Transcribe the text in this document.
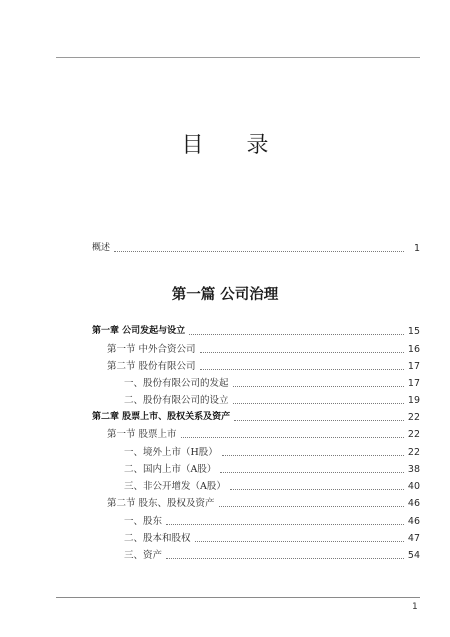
目 录
概述	1
第一篇 公司治理
第一章 公司发起与设立	15
第一节 中外合资公司	16
第二节 股份有限公司	17
一、股份有限公司的发起	17
二、股份有限公司的设立	19
第二章 股票上市、股权关系及资产	22
第一节 股票上市	22
一、境外上市（H股）	22
二、国内上市（A股）	38
三、非公开增发（A股）	40
第二节 股东、股权及资产	46
一、股东	46
二、股本和股权	47
三、资产	54
1
